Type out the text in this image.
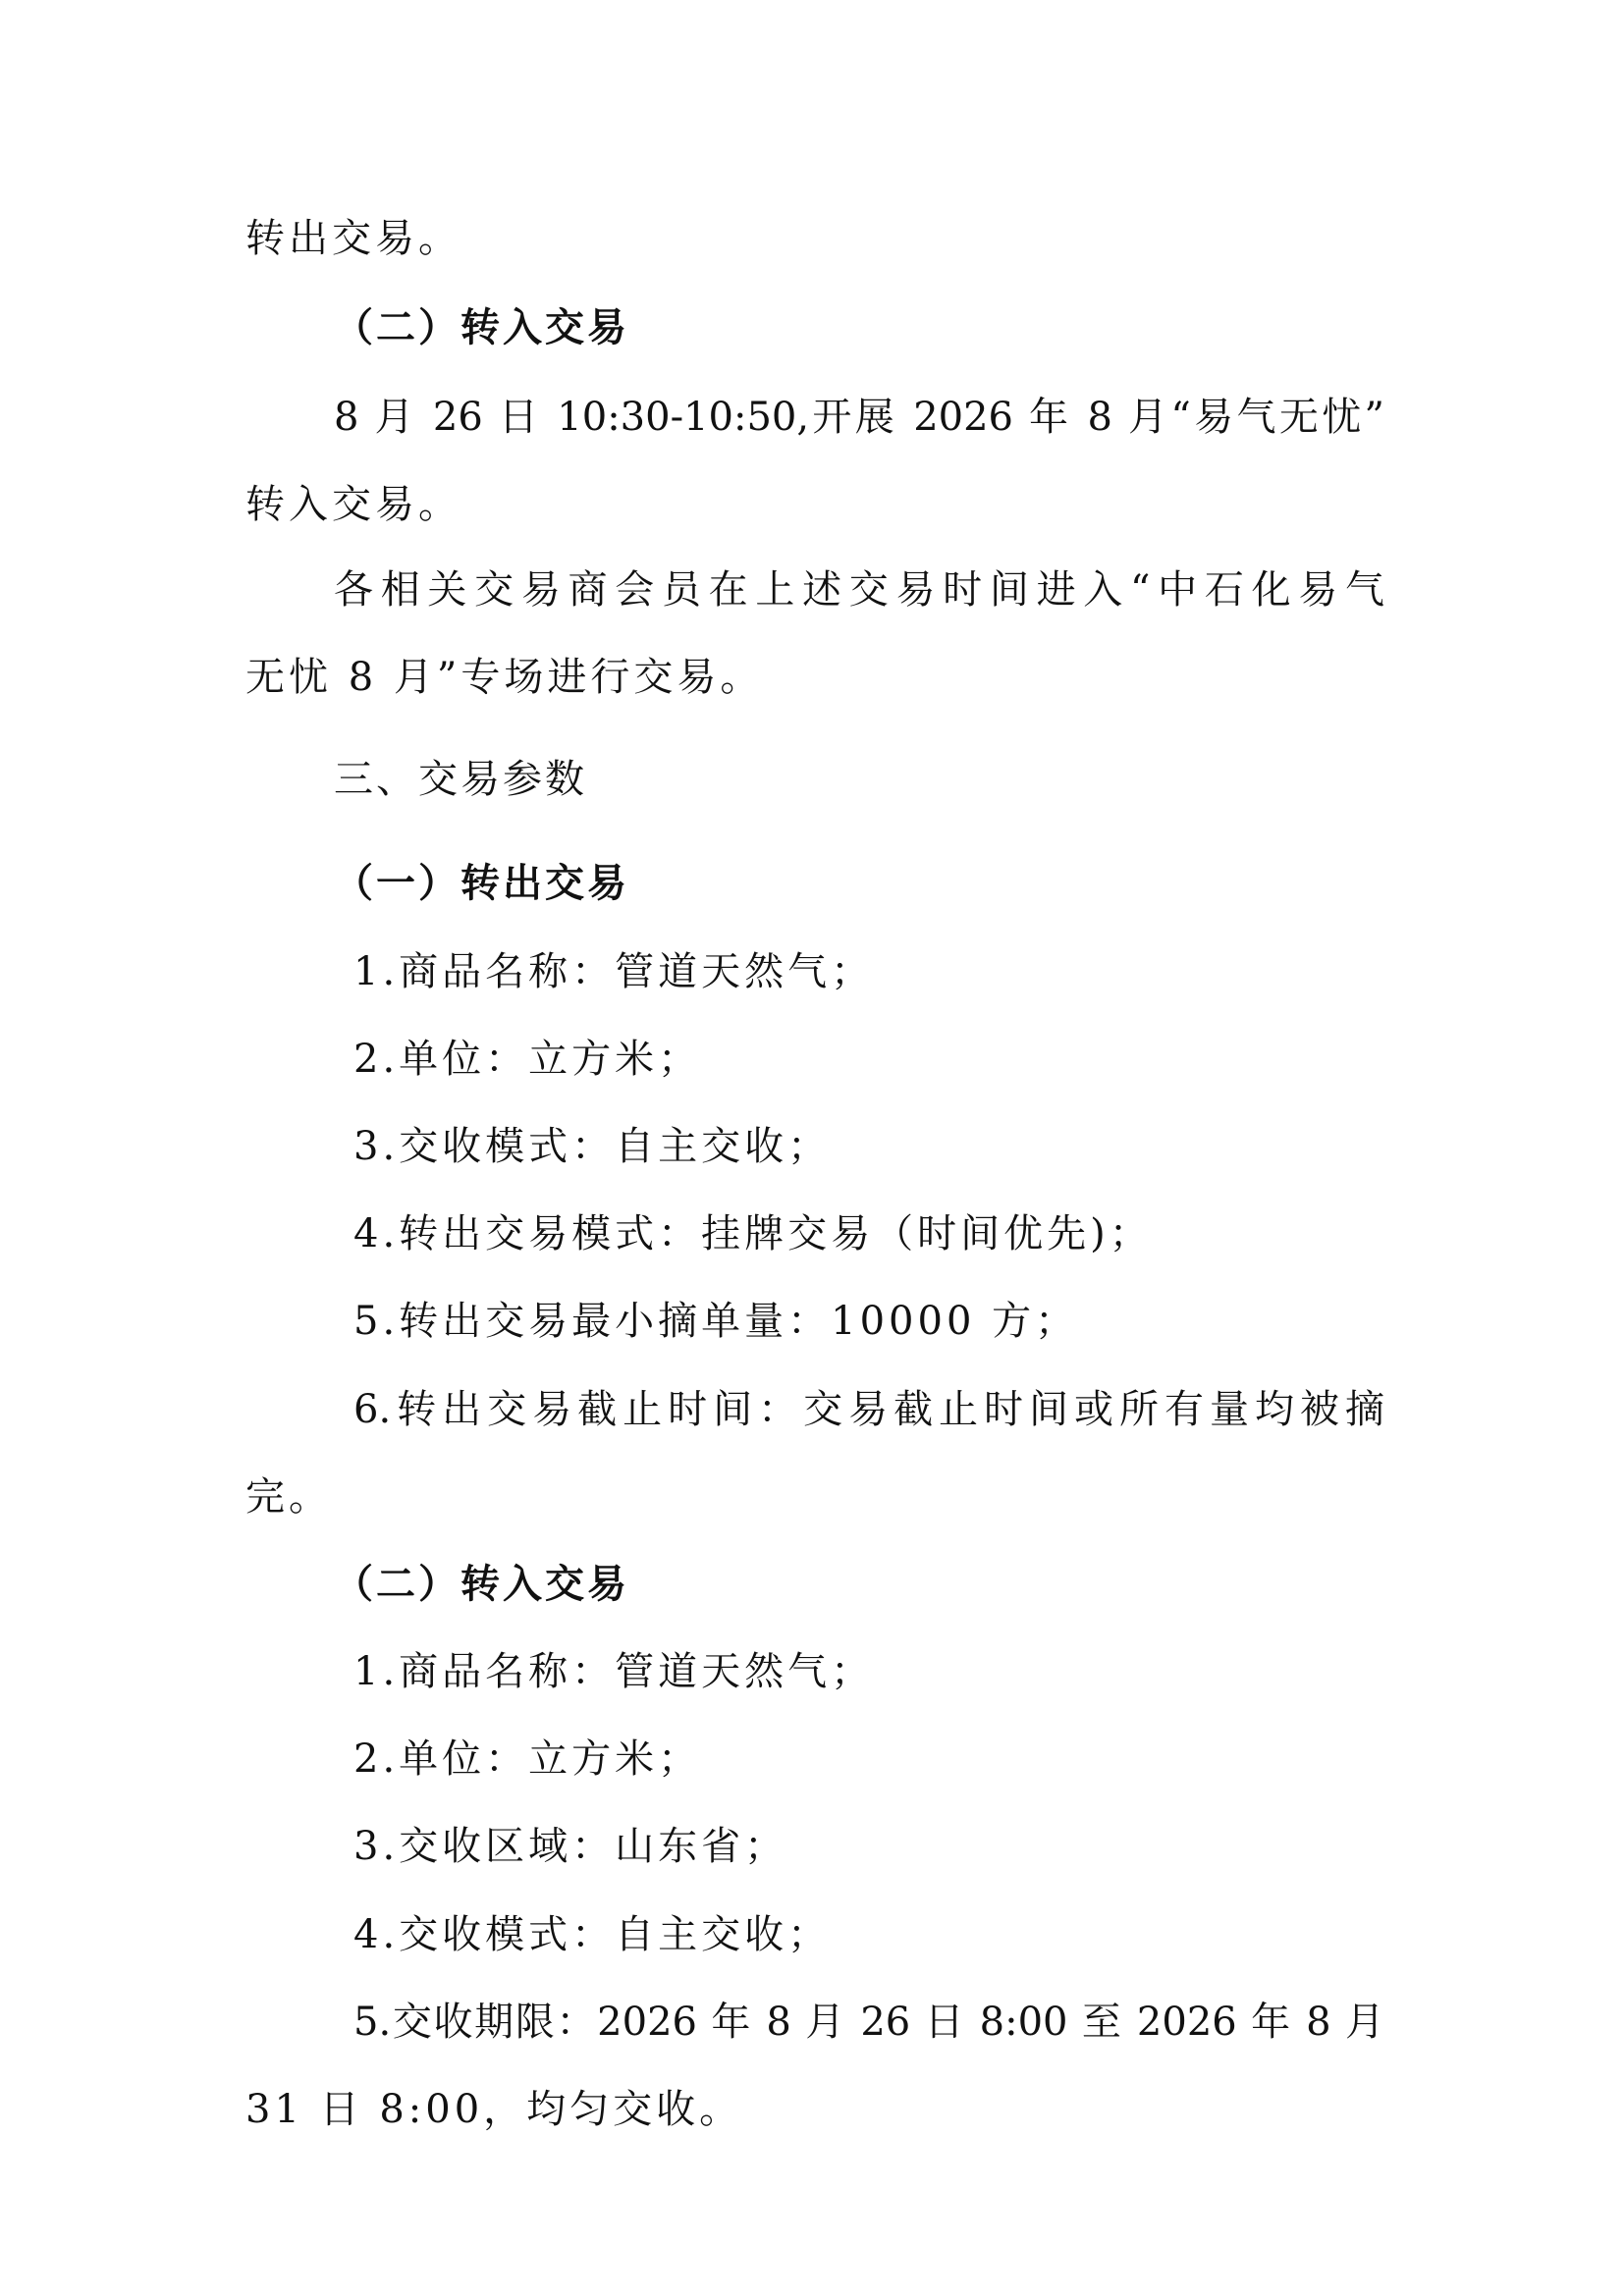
转出交易。
（二）转入交易
8 月 26 日 10:30-10:50,开展 2026 年 8 月“易气无忧”
转入交易。
各相关交易商会员在上述交易时间进入“中石化易气
无忧 8 月”专场进行交易。
三、交易参数
（一）转出交易
1.商品名称：管道天然气；
2.单位：立方米；
3.交收模式：自主交收；
4.转出交易模式：挂牌交易（时间优先)；
5.转出交易最小摘单量：10000 方；
6.转出交易截止时间：交易截止时间或所有量均被摘
完。
（二）转入交易
1.商品名称：管道天然气；
2.单位：立方米；
3.交收区域：山东省；
4.交收模式：自主交收；
5.交收期限：2026 年 8 月 26 日 8:00 至 2026 年 8 月
31 日 8:00，均匀交收。
